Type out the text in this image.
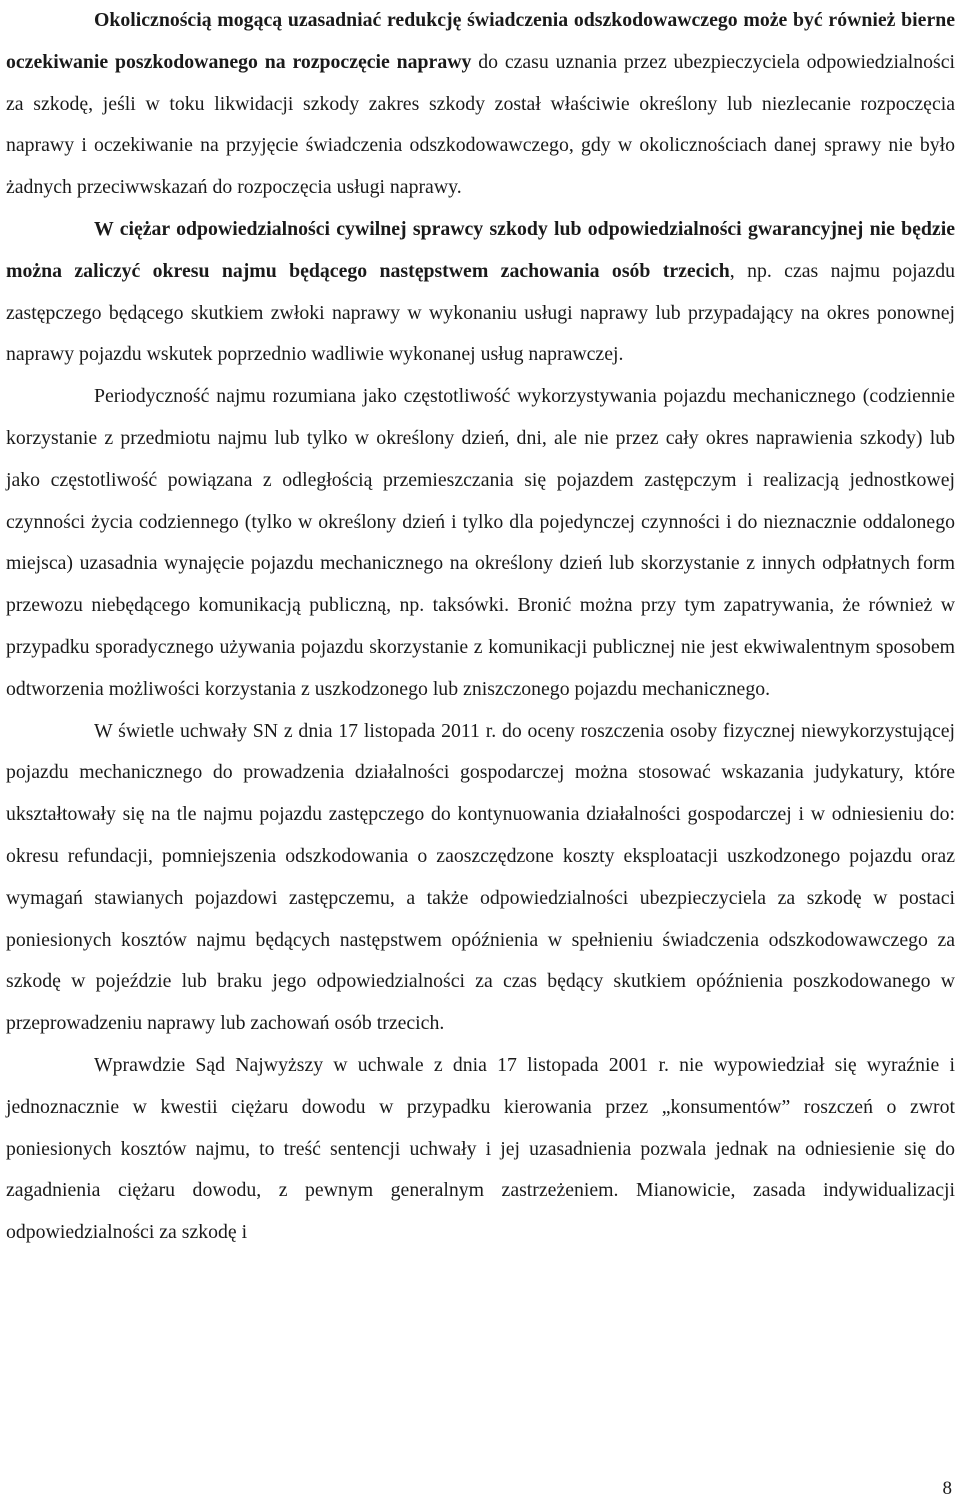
Okolicznością mogącą uzasadniać redukcję świadczenia odszkodowawczego może być również bierne oczekiwanie poszkodowanego na rozpoczęcie naprawy do czasu uznania przez ubezpieczyciela odpowiedzialności za szkodę, jeśli w toku likwidacji szkody zakres szkody został właściwie określony lub niezlecanie rozpoczęcia naprawy i oczekiwanie na przyjęcie świadczenia odszkodowawczego, gdy w okolicznościach danej sprawy nie było żadnych przeciwwskazań do rozpoczęcia usługi naprawy.

W ciężar odpowiedzialności cywilnej sprawcy szkody lub odpowiedzialności gwarancyjnej nie będzie można zaliczyć okresu najmu będącego następstwem zachowania osób trzecich, np. czas najmu pojazdu zastępczego będącego skutkiem zwłoki naprawy w wykonaniu usługi naprawy lub przypadający na okres ponownej naprawy pojazdu wskutek poprzednio wadliwie wykonanej usług naprawczej.

Periodyczność najmu rozumiana jako częstotliwość wykorzystywania pojazdu mechanicznego (codziennie korzystanie z przedmiotu najmu lub tylko w określony dzień, dni, ale nie przez cały okres naprawienia szkody) lub jako częstotliwość powiązana z odległością przemieszczania się pojazdem zastępczym i realizacją jednostkowej czynności życia codziennego (tylko w określony dzień i tylko dla pojedynczej czynności i do nieznacznie oddalonego miejsca) uzasadnia wynajęcie pojazdu mechanicznego na określony dzień lub skorzystanie z innych odpłatnych form przewozu niebędącego komunikacją publiczną, np. taksówki. Bronić można przy tym zapatrywania, że również w przypadku sporadycznego używania pojazdu skorzystanie z komunikacji publicznej nie jest ekwiwalentnym sposobem odtworzenia możliwości korzystania z uszkodzonego lub zniszczonego pojazdu mechanicznego.

W świetle uchwały SN z dnia 17 listopada 2011 r. do oceny roszczenia osoby fizycznej niewykorzystującej pojazdu mechanicznego do prowadzenia działalności gospodarczej można stosować wskazania judykatury, które ukształtowały się na tle najmu pojazdu zastępczego do kontynuowania działalności gospodarczej i w odniesieniu do: okresu refundacji, pomniejszenia odszkodowania o zaoszczędzone koszty eksploatacji uszkodzonego pojazdu oraz wymagań stawianych pojazdowi zastępczemu, a także odpowiedzialności ubezpieczyciela za szkodę w postaci poniesionych kosztów najmu będących następstwem opóźnienia w spełnieniu świadczenia odszkodowawczego za szkodę w pojeździe lub braku jego odpowiedzialności za czas będący skutkiem opóźnienia poszkodowanego w przeprowadzeniu naprawy lub zachowań osób trzecich.

Wprawdzie Sąd Najwyższy w uchwale z dnia 17 listopada 2001 r. nie wypowiedział się wyraźnie i jednoznacznie w kwestii ciężaru dowodu w przypadku kierowania przez „konsumentów” roszczeń o zwrot poniesionych kosztów najmu, to treść sentencji uchwały i jej uzasadnienia pozwala jednak na odniesienie się do zagadnienia ciężaru dowodu, z pewnym generalnym zastrzeżeniem. Mianowicie, zasada indywidualizacji odpowiedzialności za szkodę i

8
